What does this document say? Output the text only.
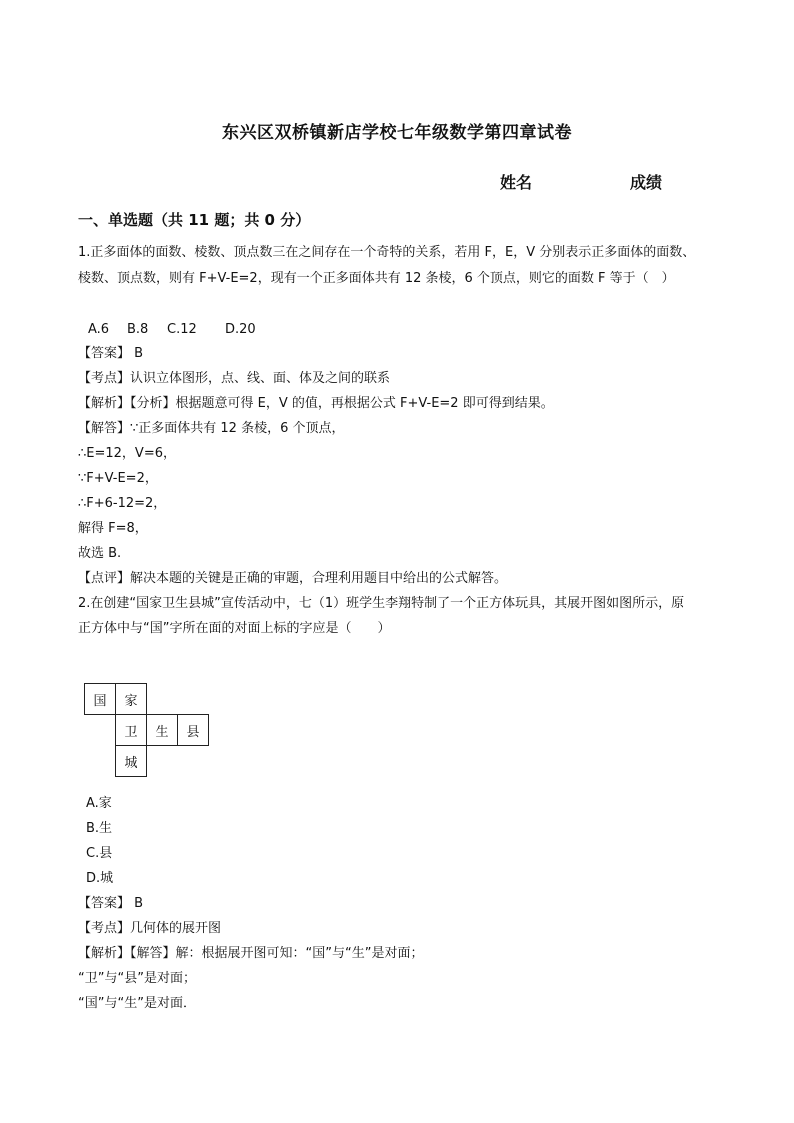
东兴区双桥镇新店学校七年级数学第四章试卷
姓名	成绩
一、单选题（共 11 题；共 0 分）
1.正多面体的面数、棱数、顶点数三在之间存在一个奇特的关系，若用 F，E，V 分别表示正多面体的面数、
棱数、顶点数，则有 F+V-E=2，现有一个正多面体共有 12 条棱，6 个顶点，则它的面数 F 等于（　）
A.6 B.8 C.12 D.20
【答案】 B
【考点】认识立体图形，点、线、面、体及之间的联系
【解析】【分析】根据题意可得 E，V 的值，再根据公式 F+V-E=2 即可得到结果。
【解答】∵正多面体共有 12 条棱，6 个顶点，
∴E=12，V=6，
∵F+V-E=2，
∴F+6-12=2，
解得 F=8，
故选 B.
【点评】解决本题的关键是正确的审题，合理利用题目中给出的公式解答。
2.在创建“国家卫生县城”宣传活动中，七（1）班学生李翔特制了一个正方体玩具，其展开图如图所示，原
正方体中与“国”字所在面的对面上标的字应是（　　）
国	家
卫	生	县
城
A.家
B.生
C.县
D.城
【答案】 B
【考点】几何体的展开图
【解析】【解答】解：根据展开图可知：“国”与“生”是对面；
“卫”与“县”是对面；
“国”与“生”是对面．
